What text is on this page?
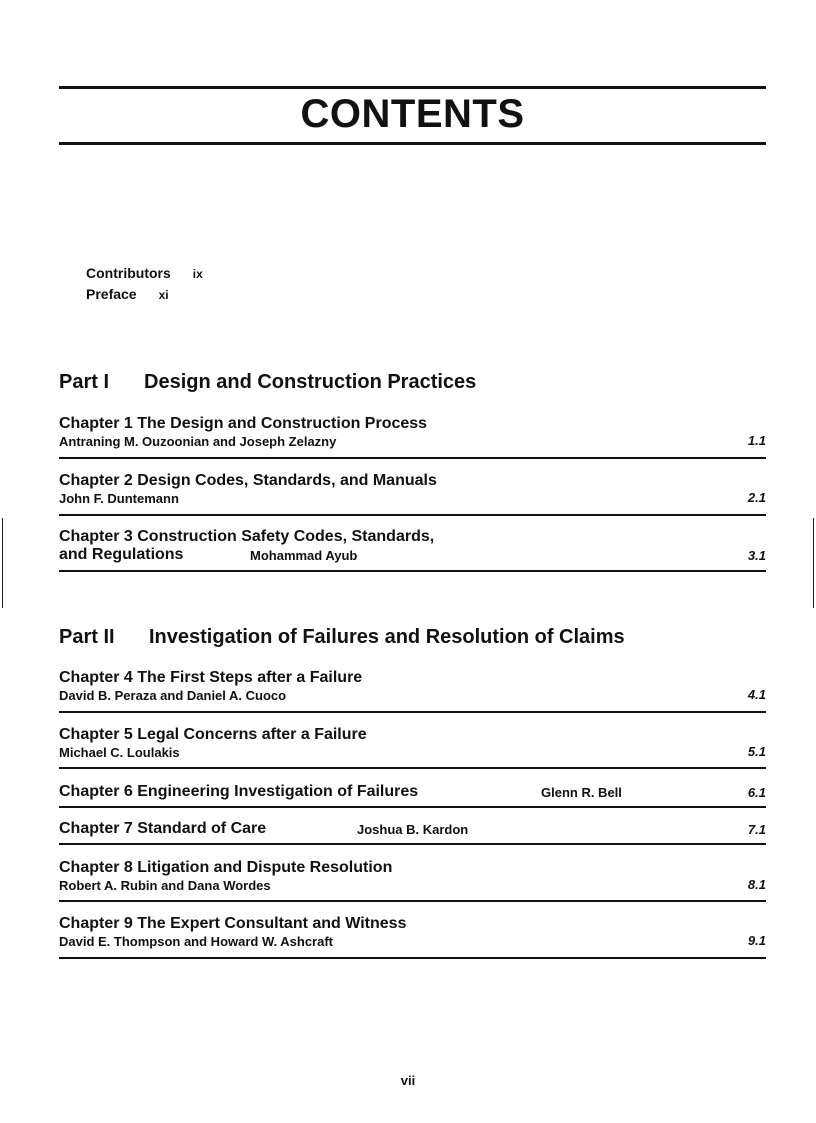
CONTENTS
Contributors ix
Preface xi
Part I Design and Construction Practices
Chapter 1 The Design and Construction Process
Antraning M. Ouzoonian and Joseph Zelazny	1.1
Chapter 2 Design Codes, Standards, and Manuals
John F. Duntemann	2.1
Chapter 3 Construction Safety Codes, Standards,
and Regulations	Mohammad Ayub	3.1
Part II Investigation of Failures and Resolution of Claims
Chapter 4 The First Steps after a Failure
David B. Peraza and Daniel A. Cuoco	4.1
Chapter 5 Legal Concerns after a Failure
Michael C. Loulakis	5.1
Chapter 6 Engineering Investigation of Failures	Glenn R. Bell	6.1
Chapter 7 Standard of Care	Joshua B. Kardon	7.1
Chapter 8 Litigation and Dispute Resolution
Robert A. Rubin and Dana Wordes	8.1
Chapter 9 The Expert Consultant and Witness
David E. Thompson and Howard W. Ashcraft	9.1
vii
